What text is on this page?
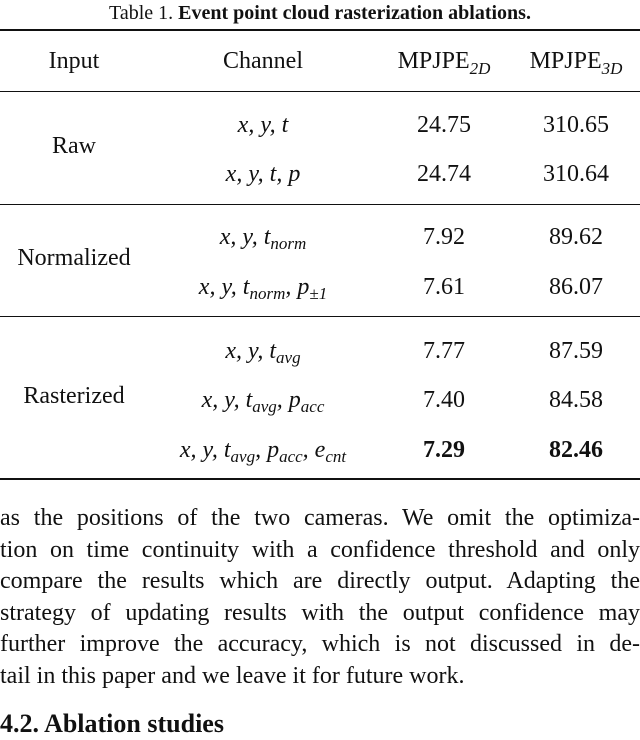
Table 1. Event point cloud rasterization ablations.
Input	Channel	$MPJPE_{2D}$	$MPJPE_{3D}$
Raw
x, y, t	24.75	310.65
x, y, t, p	24.74	310.64
Normalized
x, y, $t_{norm}$	7.92	89.62
x, y, $t_{norm}$, $p_{\pm 1}$	7.61	86.07
Rasterized
x, y, $t_{avg}$	7.77	87.59
x, y, $t_{avg}$, $p_{acc}$	7.40	84.58
x, y, $t_{avg}$, $p_{acc}$, $e_{cnt}$	7.29	82.46
as the positions of the two cameras. We omit the optimiza-
tion on time continuity with a confidence threshold and only
compare the results which are directly output. Adapting the
strategy of updating results with the output confidence may
further improve the accuracy, which is not discussed in de-
tail in this paper and we leave it for future work.
4.2. Ablation studies
